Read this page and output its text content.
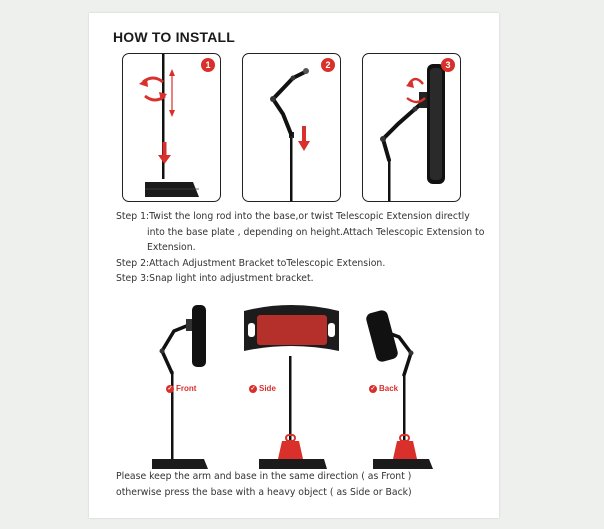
HOW TO INSTALL
1	2	3
Step 1:Twist the long rod into the base,or twist Telescopic Extension directly
into the base plate , depending on height.Attach Telescopic Extension to
Extension.
Step 2:Attach Adjustment Bracket toTelescopic Extension.
Step 3:Snap light into adjustment bracket.
✓ Front	✓ Side	✓ Back
Please keep the arm and base in the same direction ( as Front )
otherwise press the base with a heavy object ( as Side or Back)
